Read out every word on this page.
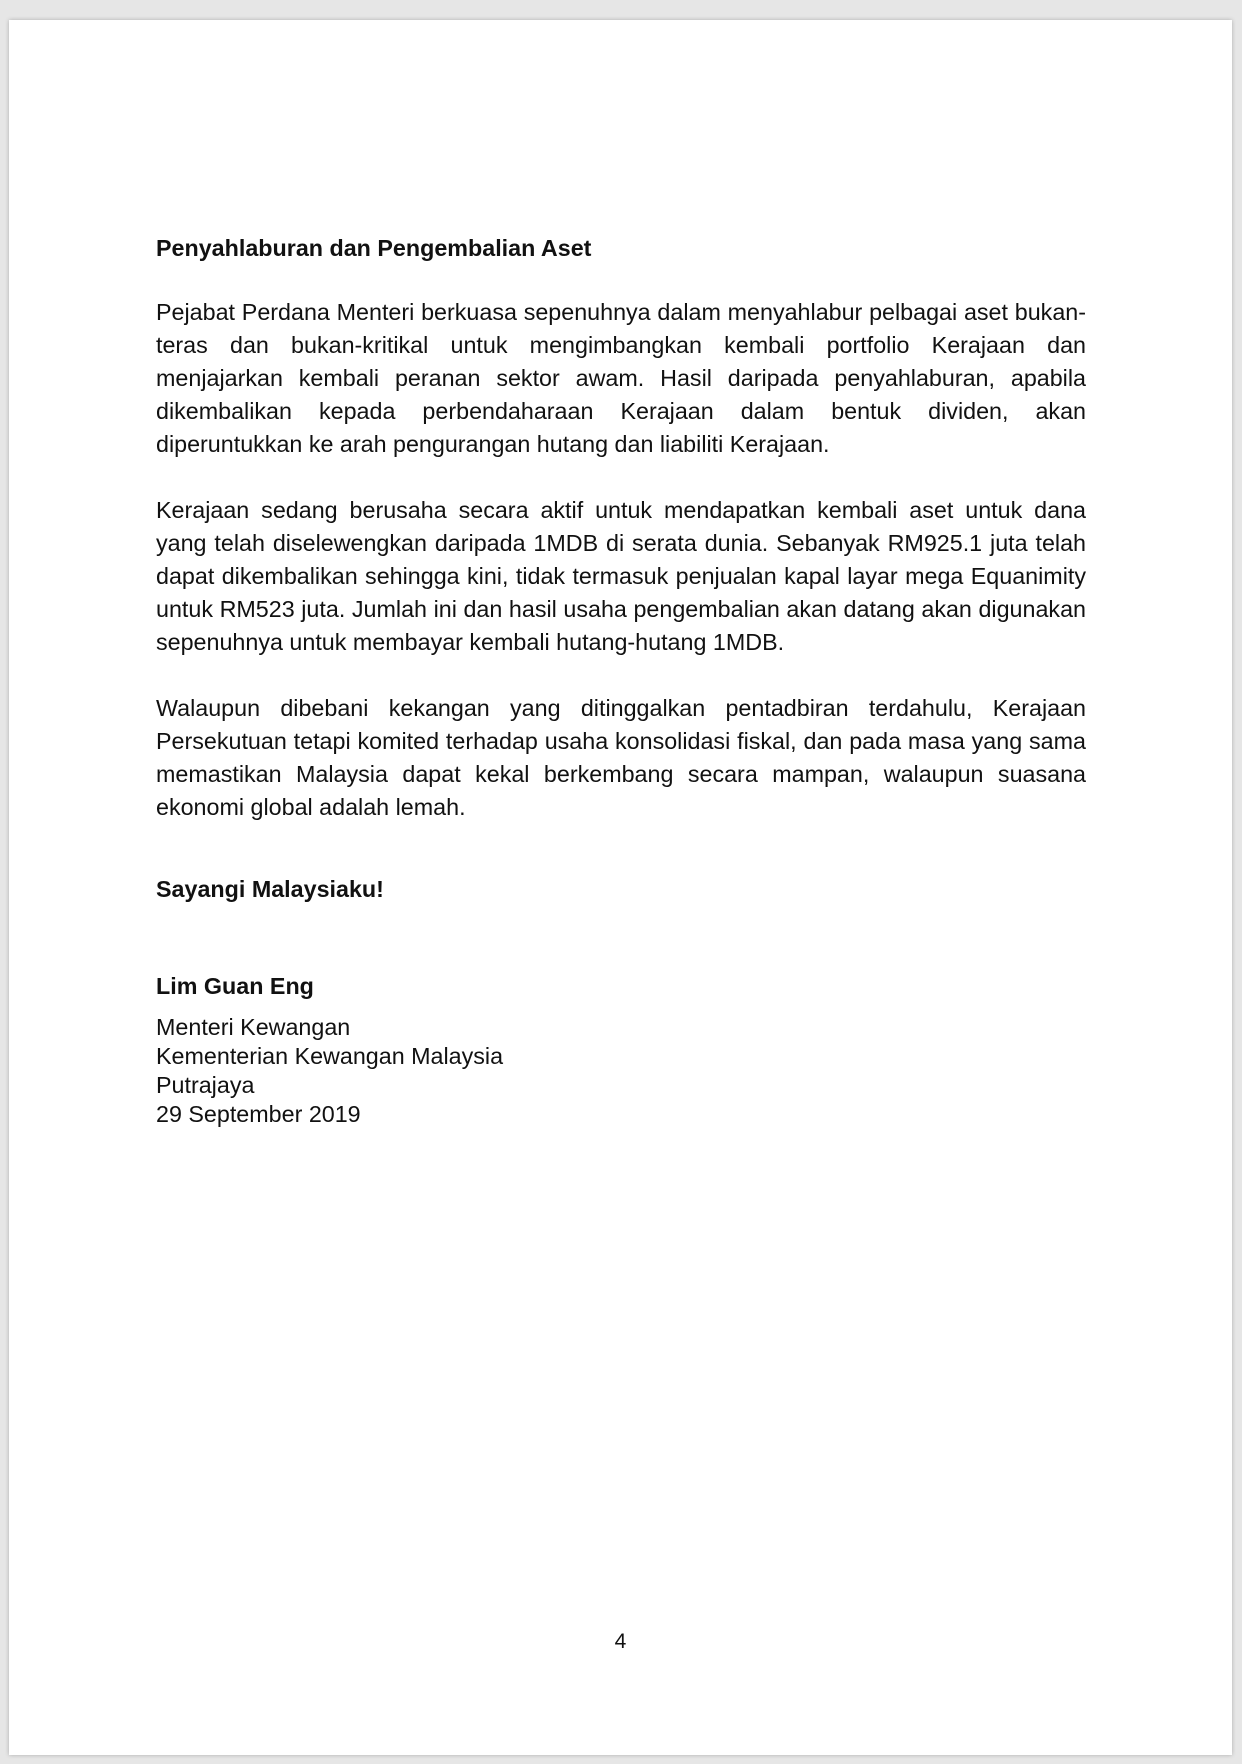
Penyahlaburan dan Pengembalian Aset

Pejabat Perdana Menteri berkuasa sepenuhnya dalam menyahlabur pelbagai aset bukan-teras dan bukan-kritikal untuk mengimbangkan kembali portfolio Kerajaan dan menjajarkan kembali peranan sektor awam. Hasil daripada penyahlaburan, apabila dikembalikan kepada perbendaharaan Kerajaan dalam bentuk dividen, akan diperuntukkan ke arah pengurangan hutang dan liabiliti Kerajaan.

Kerajaan sedang berusaha secara aktif untuk mendapatkan kembali aset untuk dana yang telah diselewengkan daripada 1MDB di serata dunia. Sebanyak RM925.1 juta telah dapat dikembalikan sehingga kini, tidak termasuk penjualan kapal layar mega Equanimity untuk RM523 juta. Jumlah ini dan hasil usaha pengembalian akan datang akan digunakan sepenuhnya untuk membayar kembali hutang-hutang 1MDB.

Walaupun dibebani kekangan yang ditinggalkan pentadbiran terdahulu, Kerajaan Persekutuan tetapi komited terhadap usaha konsolidasi fiskal, dan pada masa yang sama memastikan Malaysia dapat kekal berkembang secara mampan, walaupun suasana ekonomi global adalah lemah.

Sayangi Malaysiaku!

Lim Guan Eng

Menteri Kewangan
Kementerian Kewangan Malaysia
Putrajaya
29 September 2019

4
